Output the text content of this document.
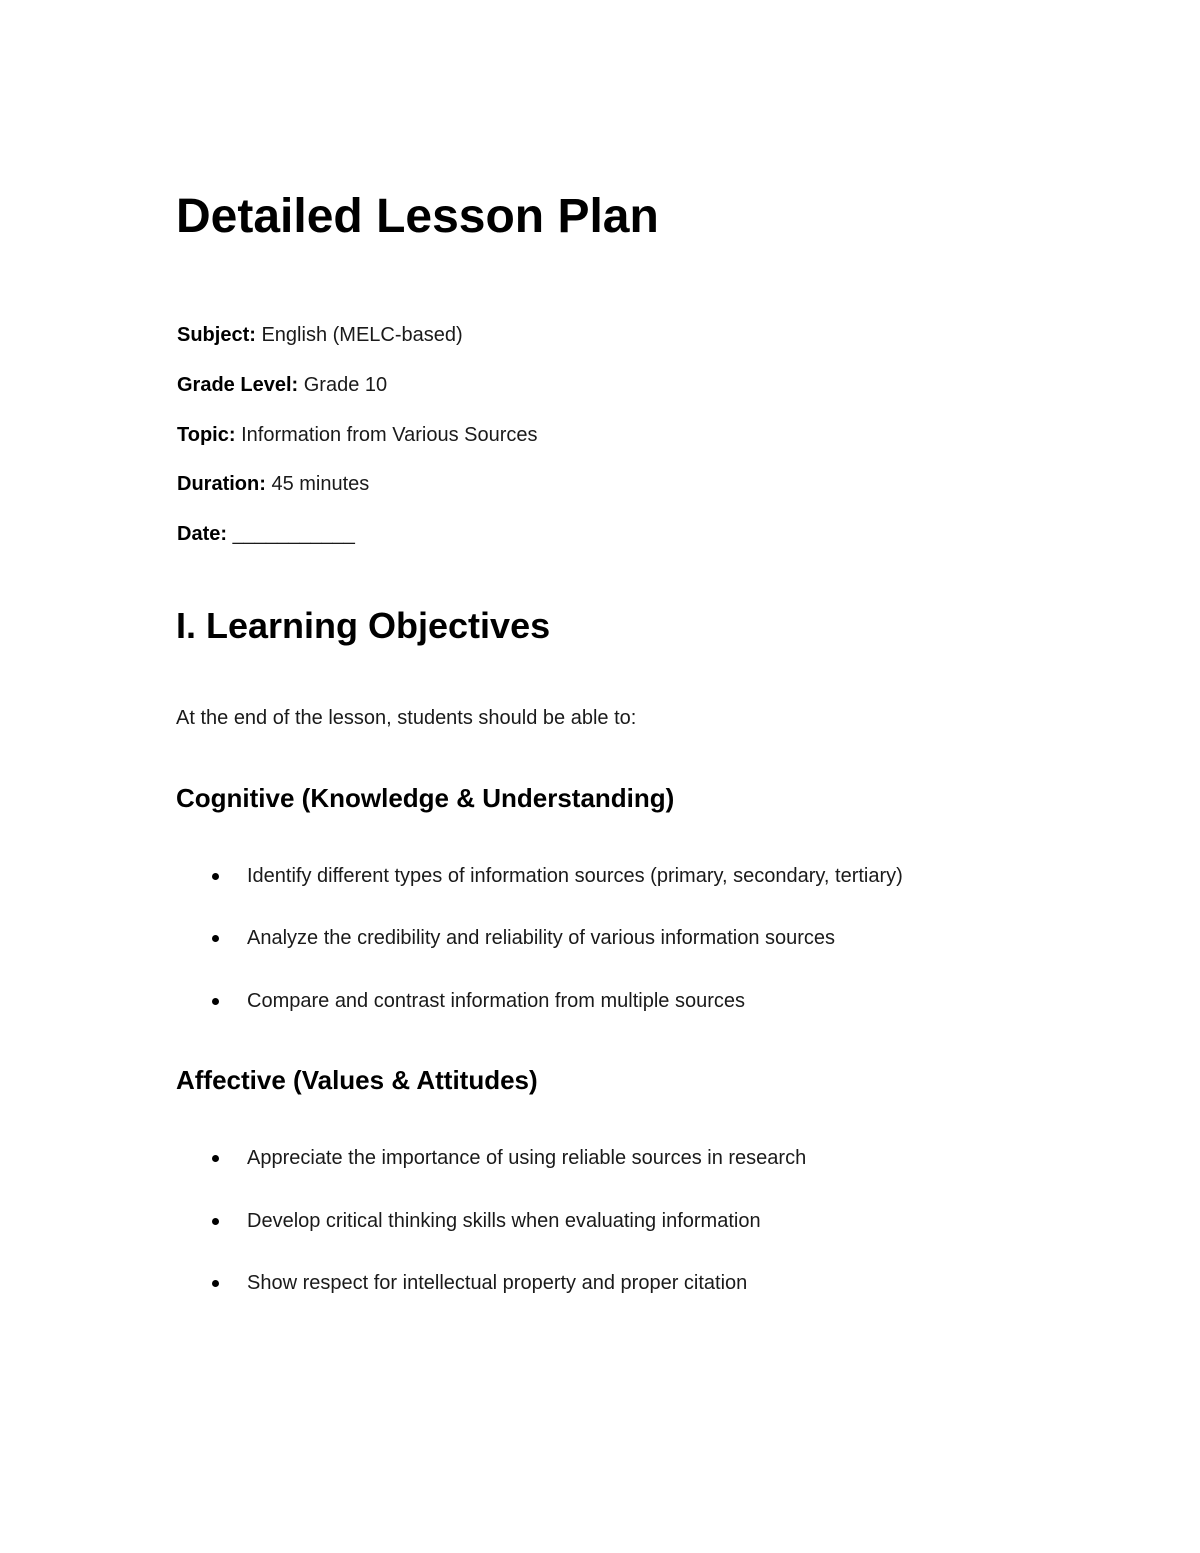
Detailed Lesson Plan

Subject: English (MELC-based)

Grade Level: Grade 10

Topic: Information from Various Sources

Duration: 45 minutes

Date: ___________

I. Learning Objectives

At the end of the lesson, students should be able to:

Cognitive (Knowledge & Understanding)
Identify different types of information sources (primary, secondary, tertiary)
Analyze the credibility and reliability of various information sources
Compare and contrast information from multiple sources
Affective (Values & Attitudes)
Appreciate the importance of using reliable sources in research
Develop critical thinking skills when evaluating information
Show respect for intellectual property and proper citation
